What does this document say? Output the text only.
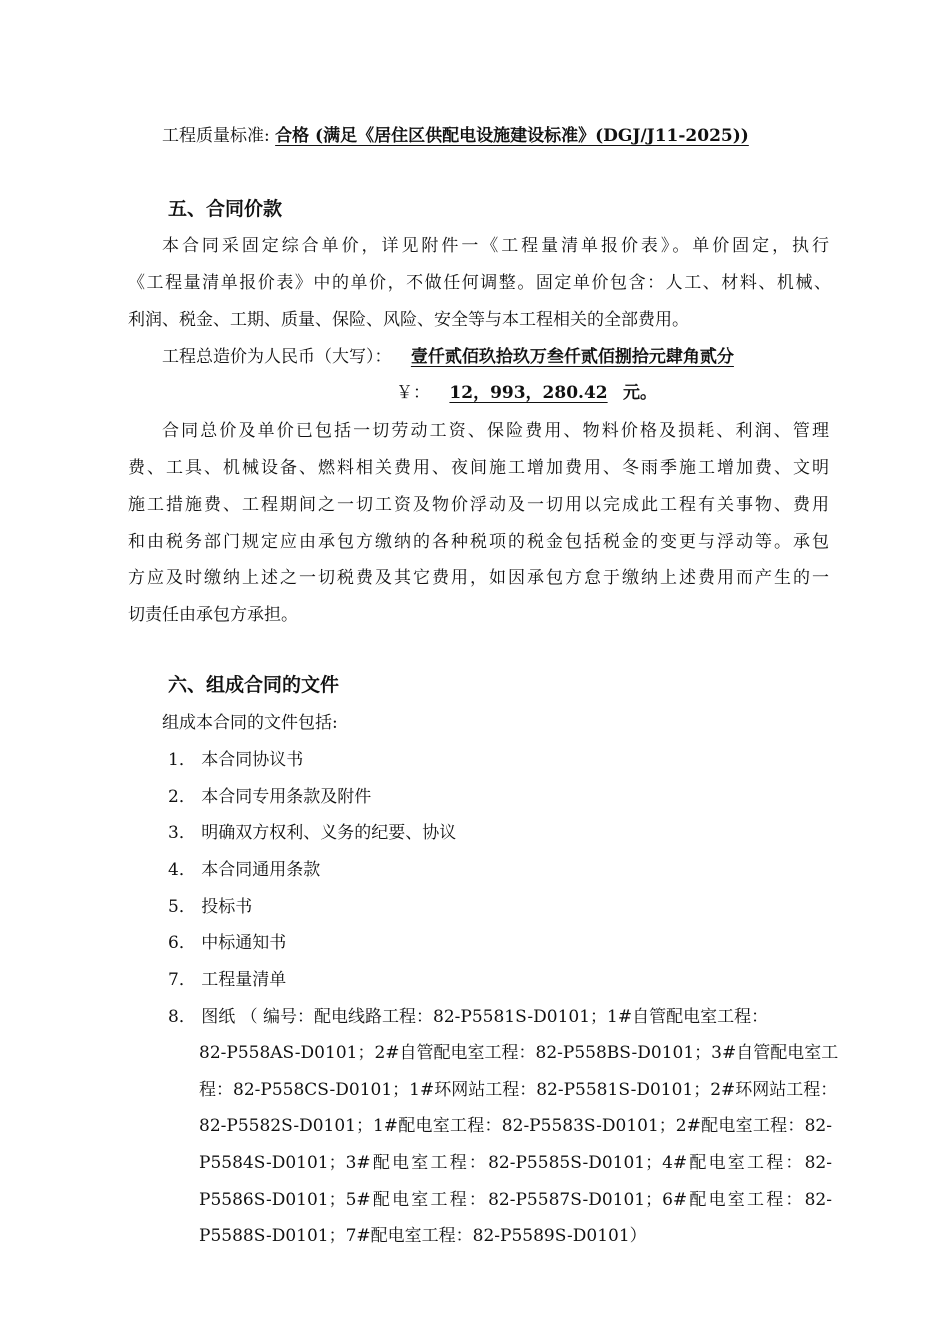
工程质量标准: 合格 (满足《居住区供配电设施建设标准》(DGJ/J11-2025))
五、合同价款
本合同采固定综合单价，详见附件一《工程量清单报价表》。单价固定，执行
《工程量清单报价表》中的单价，不做任何调整。固定单价包含：人工、材料、机械、
利润、税金、工期、质量、保险、风险、安全等与本工程相关的全部费用。
工程总造价为人民币（大写）： 壹仟贰佰玖拾玖万叁仟贰佰捌拾元肆角贰分
￥： 12，993，280.42 元。
合同总价及单价已包括一切劳动工资、保险费用、物料价格及损耗、利润、管理
费、工具、机械设备、燃料相关费用、夜间施工增加费用、冬雨季施工增加费、文明
施工措施费、工程期间之一切工资及物价浮动及一切用以完成此工程有关事物、费用
和由税务部门规定应由承包方缴纳的各种税项的税金包括税金的变更与浮动等。承包
方应及时缴纳上述之一切税费及其它费用，如因承包方怠于缴纳上述费用而产生的一
切责任由承包方承担。
六、组成合同的文件
组成本合同的文件包括:
1． 本合同协议书
2． 本合同专用条款及附件
3． 明确双方权利、义务的纪要、协议
4． 本合同通用条款
5． 投标书
6． 中标通知书
7． 工程量清单
8． 图纸 （ 编号：配电线路工程：82-P5581S-D0101；1#自管配电室工程：
82-P558AS-D0101；2#自管配电室工程：82-P558BS-D0101；3#自管配电室工
程：82-P558CS-D0101；1#环网站工程：82-P5581S-D0101；2#环网站工程：
82-P5582S-D0101；1#配电室工程：82-P5583S-D0101；2#配电室工程：82-
P5584S-D0101；3#配电室工程：82-P5585S-D0101；4#配电室工程：82-
P5586S-D0101；5#配电室工程：82-P5587S-D0101；6#配电室工程：82-
P5588S-D0101；7#配电室工程：82-P5589S-D0101）
